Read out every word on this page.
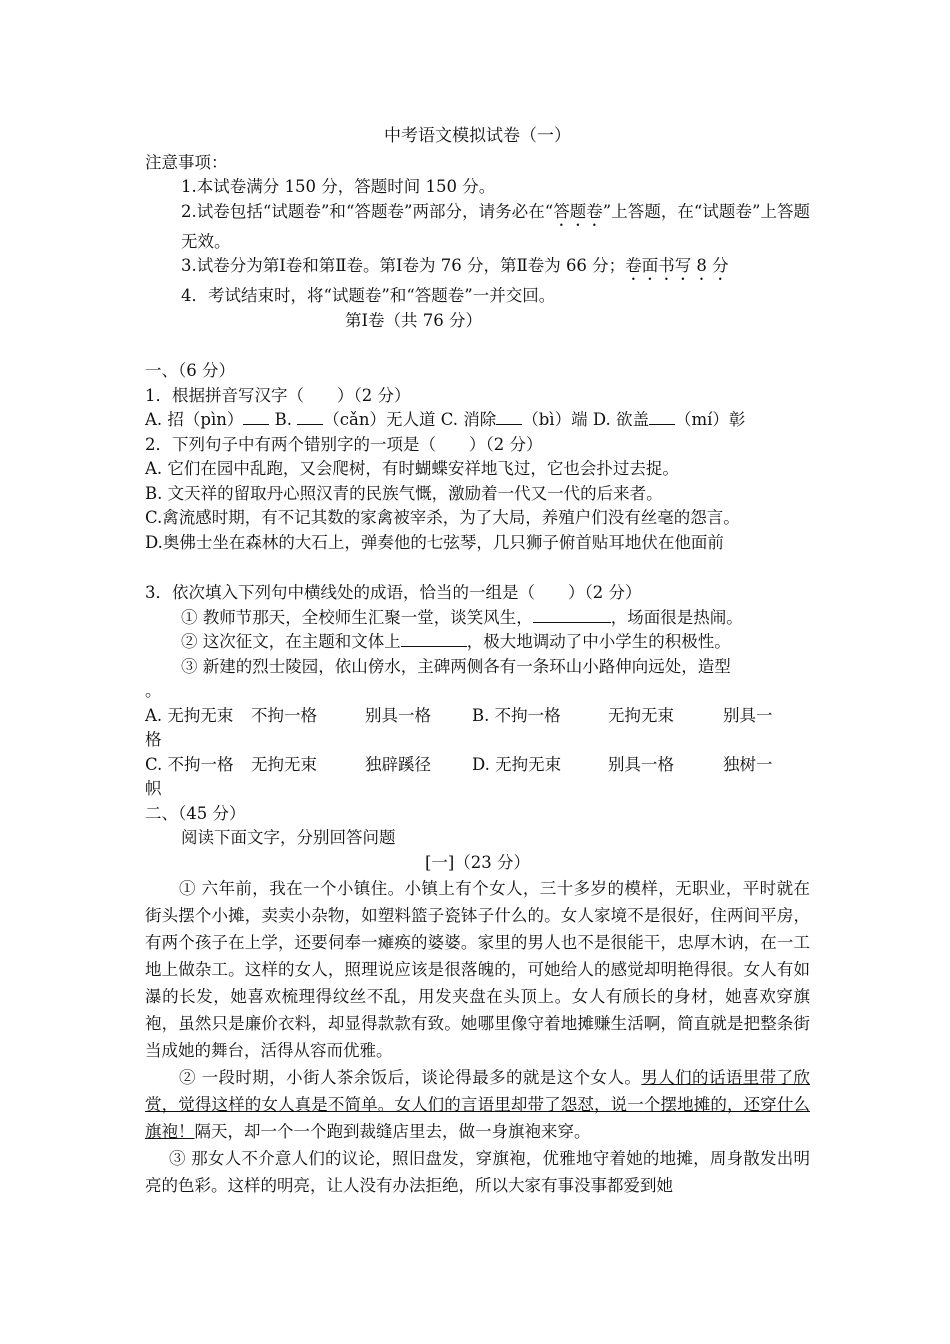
中考语文模拟试卷（一）
注意事项：
1.本试卷满分 150 分，答题时间 150 分。
2.试卷包括“试题卷”和“答题卷”两部分，请务必在“答题卷”上答题，在“试题卷”上答题无效。
3.试卷分为第Ⅰ卷和第Ⅱ卷。第Ⅰ卷为 76 分，第Ⅱ卷为 66 分；卷面书写 8 分
4．考试结束时，将“试题卷”和“答题卷”一并交回。
第Ⅰ卷（共 76 分）
一、（6 分）
1．根据拼音写汉字（　　）（2 分）
A. 招（pìn） B. （cǎn）无人道 C. 消除 （bì）端 D. 欲盖 （mí）彰
2．下列句子中有两个错别字的一项是（　　）（2 分）
A. 它们在园中乱跑，又会爬树，有时蝴蝶安祥地飞过，它也会扑过去捉。
B. 文天祥的留取丹心照汉青的民族气慨，激励着一代又一代的后来者。
C.禽流感时期，有不记其数的家禽被宰杀，为了大局，养殖户们没有丝毫的怨言。
D.奥佛士坐在森林的大石上，弹奏他的七弦琴，几只狮子俯首贴耳地伏在他面前
3．依次填入下列句中横线处的成语，恰当的一组是（　　）（2 分）
① 教师节那天，全校师生汇聚一堂，谈笑风生，	，场面很是热闹。
② 这次征文，在主题和文体上	，极大地调动了中小学生的积极性。
③ 新建的烈士陵园，依山傍水，主碑两侧各有一条环山小路伸向远处，造型
。
A. 无拘无束 不拘一格	别具一格 B. 不拘一格	无拘无束	别具一
格
C. 不拘一格 无拘无束	独辟蹊径 D. 无拘无束	别具一格	独树一
帜
二、（45 分）
阅读下面文字，分别回答问题
[一]（23 分）
① 六年前，我在一个小镇住。小镇上有个女人，三十多岁的模样，无职业，平时就在街头摆个小摊，卖卖小杂物，如塑料篮子瓷钵子什么的。女人家境不是很好，住两间平房，有两个孩子在上学，还要伺奉一瘫痪的婆婆。家里的男人也不是很能干，忠厚木讷，在一工地上做杂工。这样的女人，照理说应该是很落魄的，可她给人的感觉却明艳得很。女人有如瀑的长发，她喜欢梳理得纹丝不乱，用发夹盘在头顶上。女人有颀长的身材，她喜欢穿旗袍，虽然只是廉价衣料，却显得款款有致。她哪里像守着地摊赚生活啊，简直就是把整条街当成她的舞台，活得从容而优雅。
② 一段时期，小街人茶余饭后，谈论得最多的就是这个女人。男人们的话语里带了欣赏，觉得这样的女人真是不简单。女人们的言语里却带了怨怼，说一个摆地摊的，还穿什么旗袍！隔天，却一个一个跑到裁缝店里去，做一身旗袍来穿。
③ 那女人不介意人们的议论，照旧盘发，穿旗袍，优雅地守着她的地摊，周身散发出明亮的色彩。这样的明亮，让人没有办法拒绝，所以大家有事没事都爱到她
